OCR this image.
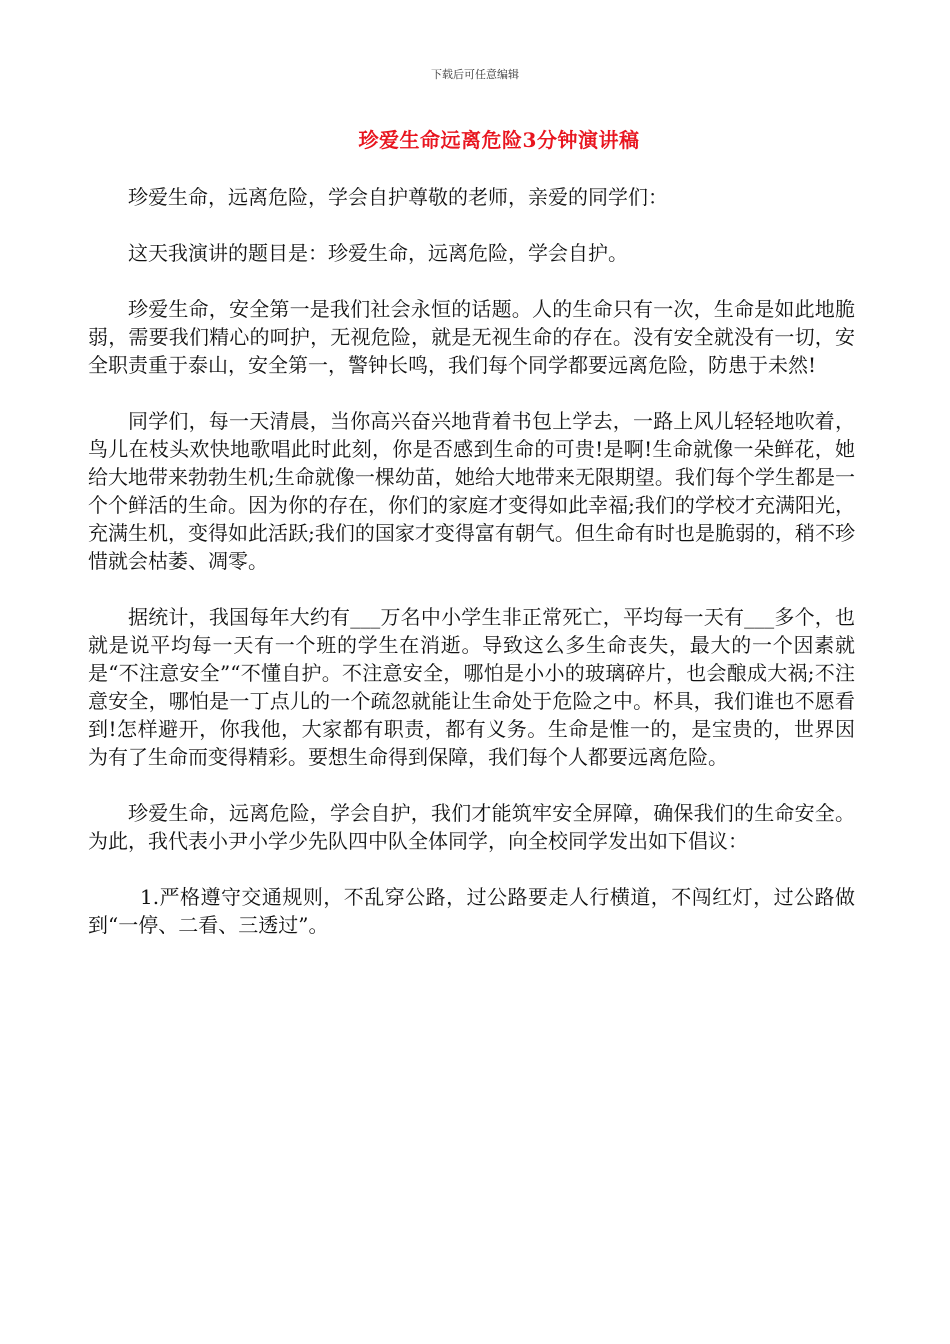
下载后可任意编辑
珍爱生命远离危险3分钟演讲稿

珍爱生命，远离危险，学会自护尊敬的老师，亲爱的同学们：

这天我演讲的题目是：珍爱生命，远离危险，学会自护。

珍爱生命，安全第一是我们社会永恒的话题。人的生命只有一次，生命是如此地脆弱，需要我们精心的呵护，无视危险，就是无视生命的存在。没有安全就没有一切，安全职责重于泰山，安全第一，警钟长鸣，我们每个同学都要远离危险，防患于未然!

同学们，每一天清晨，当你高兴奋兴地背着书包上学去，一路上风儿轻轻地吹着，鸟儿在枝头欢快地歌唱此时此刻，你是否感到生命的可贵!是啊!生命就像一朵鲜花，她给大地带来勃勃生机;生命就像一棵幼苗，她给大地带来无限期望。我们每个学生都是一个个鲜活的生命。因为你的存在，你们的家庭才变得如此幸福;我们的学校才充满阳光，充满生机，变得如此活跃;我们的国家才变得富有朝气。但生命有时也是脆弱的，稍不珍惜就会枯萎、凋零。

据统计，我国每年大约有___万名中小学生非正常死亡，平均每一天有___多个，也就是说平均每一天有一个班的学生在消逝。导致这么多生命丧失，最大的一个因素就是“不注意安全”“不懂自护。不注意安全，哪怕是小小的玻璃碎片，也会酿成大祸;不注意安全，哪怕是一丁点儿的一个疏忽就能让生命处于危险之中。杯具，我们谁也不愿看到!怎样避开，你我他，大家都有职责，都有义务。生命是惟一的，是宝贵的，世界因为有了生命而变得精彩。要想生命得到保障，我们每个人都要远离危险。

珍爱生命，远离危险，学会自护，我们才能筑牢安全屏障，确保我们的生命安全。为此，我代表小尹小学少先队四中队全体同学，向全校同学发出如下倡议：

1.严格遵守交通规则，不乱穿公路，过公路要走人行横道，不闯红灯，过公路做到“一停、二看、三透过”。
